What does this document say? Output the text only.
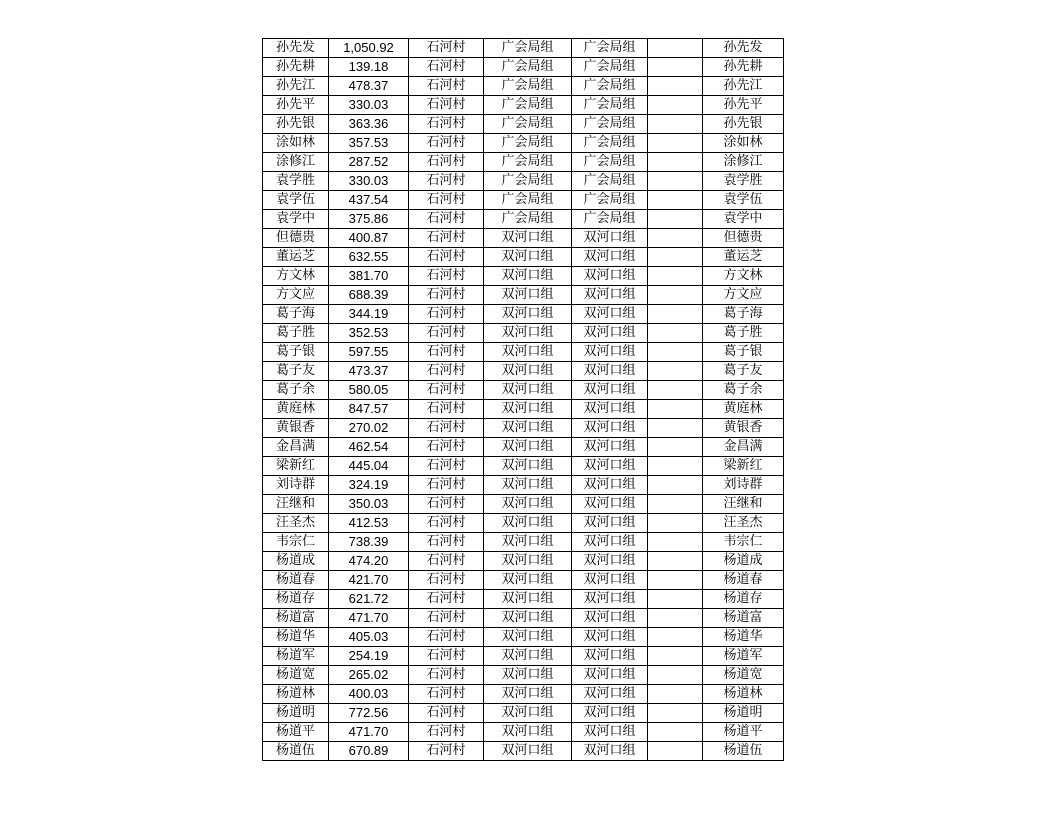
孙先发	1,050.92	石河村	广会局组	广会局组		孙先发
孙先耕	139.18	石河村	广会局组	广会局组		孙先耕
孙先江	478.37	石河村	广会局组	广会局组		孙先江
孙先平	330.03	石河村	广会局组	广会局组		孙先平
孙先银	363.36	石河村	广会局组	广会局组		孙先银
涂如林	357.53	石河村	广会局组	广会局组		涂如林
涂修江	287.52	石河村	广会局组	广会局组		涂修江
袁学胜	330.03	石河村	广会局组	广会局组		袁学胜
袁学伍	437.54	石河村	广会局组	广会局组		袁学伍
袁学中	375.86	石河村	广会局组	广会局组		袁学中
但德贵	400.87	石河村	双河口组	双河口组		但德贵
董运芝	632.55	石河村	双河口组	双河口组		董运芝
方文林	381.70	石河村	双河口组	双河口组		方文林
方文应	688.39	石河村	双河口组	双河口组		方文应
葛子海	344.19	石河村	双河口组	双河口组		葛子海
葛子胜	352.53	石河村	双河口组	双河口组		葛子胜
葛子银	597.55	石河村	双河口组	双河口组		葛子银
葛子友	473.37	石河村	双河口组	双河口组		葛子友
葛子余	580.05	石河村	双河口组	双河口组		葛子余
黄庭林	847.57	石河村	双河口组	双河口组		黄庭林
黄银香	270.02	石河村	双河口组	双河口组		黄银香
金昌满	462.54	石河村	双河口组	双河口组		金昌满
梁新红	445.04	石河村	双河口组	双河口组		梁新红
刘诗群	324.19	石河村	双河口组	双河口组		刘诗群
汪继和	350.03	石河村	双河口组	双河口组		汪继和
汪圣杰	412.53	石河村	双河口组	双河口组		汪圣杰
韦宗仁	738.39	石河村	双河口组	双河口组		韦宗仁
杨道成	474.20	石河村	双河口组	双河口组		杨道成
杨道春	421.70	石河村	双河口组	双河口组		杨道春
杨道存	621.72	石河村	双河口组	双河口组		杨道存
杨道富	471.70	石河村	双河口组	双河口组		杨道富
杨道华	405.03	石河村	双河口组	双河口组		杨道华
杨道军	254.19	石河村	双河口组	双河口组		杨道军
杨道宽	265.02	石河村	双河口组	双河口组		杨道宽
杨道林	400.03	石河村	双河口组	双河口组		杨道林
杨道明	772.56	石河村	双河口组	双河口组		杨道明
杨道平	471.70	石河村	双河口组	双河口组		杨道平
杨道伍	670.89	石河村	双河口组	双河口组		杨道伍
